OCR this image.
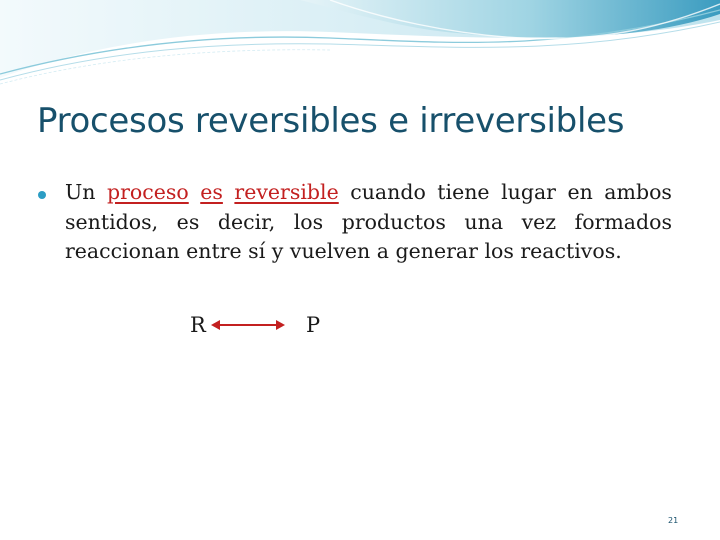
Procesos reversibles e irreversibles

Un proceso es reversible cuando tiene lugar en ambos sentidos, es decir, los productos una vez formados reaccionan entre sí y vuelven a generar los reactivos.

R	P
21
